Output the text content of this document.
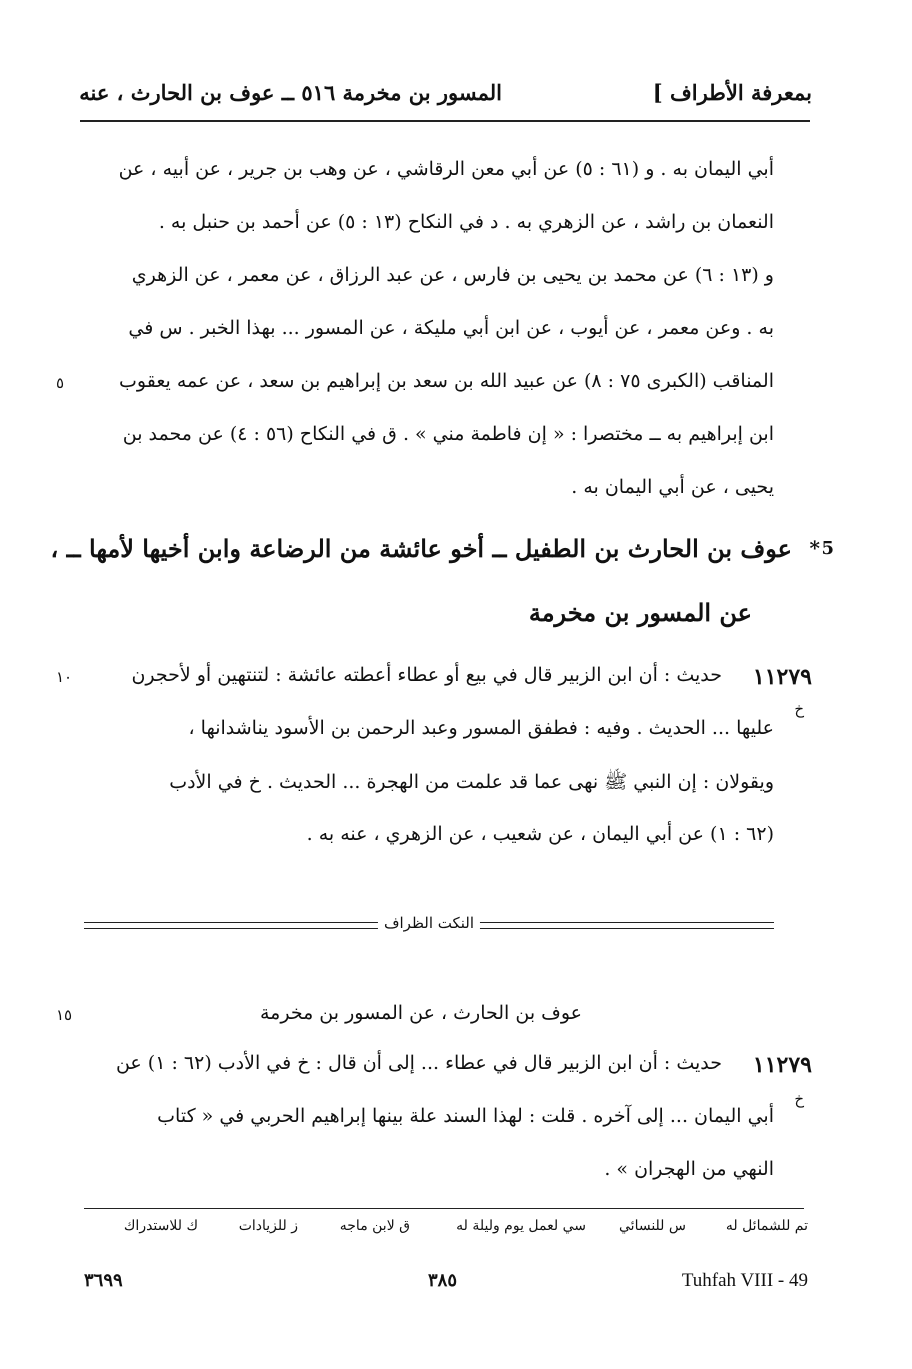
بمعرفة الأطراف ]
المسور بن مخرمة ٥١٦ ــ عوف بن الحارث ، عنه
أبي اليمان به . و (٦١ : ٥) عن أبي معن الرقاشي ، عن وهب بن جرير ، عن أبيه ، عن
النعمان بن راشد ، عن الزهري به . د في النكاح (١٣ : ٥) عن أحمد بن حنبل به .
و (١٣ : ٦) عن محمد بن يحيى بن فارس ، عن عبد الرزاق ، عن معمر ، عن الزهري
به . وعن معمر ، عن أيوب ، عن ابن أبي مليكة ، عن المسور ... بهذا الخبر . س في
المناقب (الكبرى ٧٥ : ٨) عن عبيد الله بن سعد بن إبراهيم بن سعد ، عن عمه يعقوب
٥
ابن إبراهيم به ــ مختصرا : « إن فاطمة مني » . ق في النكاح (٥٦ : ٤) عن محمد بن
يحيى ، عن أبي اليمان به .
5
*
عوف بن الحارث بن الطفيل ــ أخو عائشة من الرضاعة وابن أخيها لأمها ــ ،
عن المسور بن مخرمة
١١٢٧٩
خ
١٠	حديث : أن ابن الزبير قال في بيع أو عطاء أعطته عائشة : لتنتهين أو لأحجرن
عليها ... الحديث . وفيه : فطفق المسور وعبد الرحمن بن الأسود يناشدانها ،
ويقولان : إن النبي ﷺ نهى عما قد علمت من الهجرة ... الحديث . خ في الأدب
(٦٢ : ١) عن أبي اليمان ، عن شعيب ، عن الزهري ، عنه به .
النكت الظراف
١٥	عوف بن الحارث ، عن المسور بن مخرمة
١١٢٧٩
خ
حديث : أن ابن الزبير قال في عطاء ... إلى أن قال : خ في الأدب (٦٢ : ١) عن
أبي اليمان ... إلى آخره . قلت : لهذا السند علة بينها إبراهيم الحربي في « كتاب
النهي من الهجران » .
تم للشمائل له
س للنسائي
سي لعمل يوم وليلة له
ق لابن ماجه
ز للزيادات
ك للاستدراك
٣٦٩٩	٣٨٥	Tuhfah VIII - 49
